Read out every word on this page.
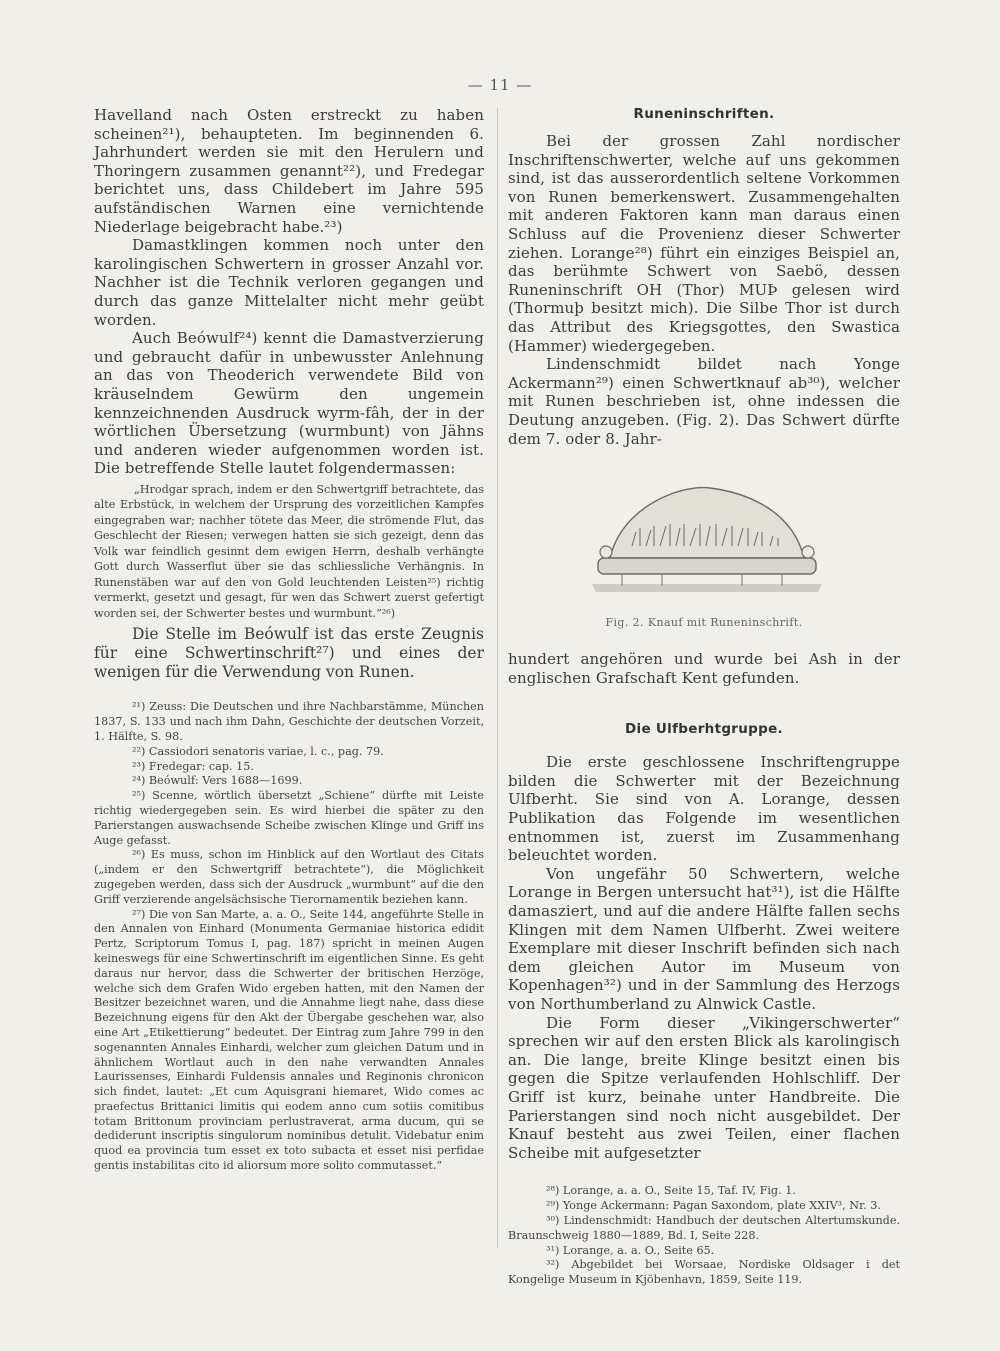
— 11 —

Havelland nach Osten erstreckt zu haben scheinen²¹), behaupteten. Im beginnenden 6. Jahrhundert werden sie mit den Herulern und Thoringern zusammen genannt²²), und Fredegar berichtet uns, dass Childebert im Jahre 595 aufständischen Warnen eine vernichtende Niederlage beigebracht habe.²³)

Damastklingen kommen noch unter den karolingischen Schwertern in grosser Anzahl vor. Nachher ist die Technik verloren gegangen und durch das ganze Mittelalter nicht mehr geübt worden.

Auch Beówulf²⁴) kennt die Damastverzierung und gebraucht dafür in unbewusster Anlehnung an das von Theoderich verwendete Bild von kräuselndem Gewürm den ungemein kennzeichnenden Ausdruck wyrm-fâh, der in der wörtlichen Übersetzung (wurmbunt) von Jähns und anderen wieder aufgenommen worden ist. Die betreffende Stelle lautet folgendermassen:

„Hrodgar sprach, indem er den Schwertgriff betrachtete, das alte Erbstück, in welchem der Ursprung des vorzeitlichen Kampfes eingegraben war; nachher tötete das Meer, die strömende Flut, das Geschlecht der Riesen; verwegen hatten sie sich gezeigt, denn das Volk war feindlich gesinnt dem ewigen Herrn, deshalb verhängte Gott durch Wasserflut über sie das schliessliche Verhängnis. In Runenstäben war auf den von Gold leuchtenden Leisten²⁵) richtig vermerkt, gesetzt und gesagt, für wen das Schwert zuerst gefertigt worden sei, der Schwerter bestes und wurmbunt.“²⁶)

Die Stelle im Beówulf ist das erste Zeugnis für eine Schwertinschrift²⁷) und eines der wenigen für die Verwendung von Runen.

²¹) Zeuss: Die Deutschen und ihre Nachbarstämme, München 1837, S. 133 und nach ihm Dahn, Geschichte der deutschen Vorzeit, 1. Hälfte, S. 98.

²²) Cassiodori senatoris variae, l. c., pag. 79.

²³) Fredegar: cap. 15.

²⁴) Beówulf: Vers 1688—1699.

²⁵) Scenne, wörtlich übersetzt „Schiene“ dürfte mit Leiste richtig wiedergegeben sein. Es wird hierbei die später zu den Parierstangen auswachsende Scheibe zwischen Klinge und Griff ins Auge gefasst.

²⁶) Es muss, schon im Hinblick auf den Wortlaut des Citats („indem er den Schwertgriff betrachtete“), die Möglichkeit zugegeben werden, dass sich der Ausdruck „wurmbunt“ auf die den Griff verzierende angelsächsische Tierornamentik beziehen kann.

²⁷) Die von San Marte, a. a. O., Seite 144, angeführte Stelle in den Annalen von Einhard (Monumenta Germaniae historica edidit Pertz, Scriptorum Tomus I, pag. 187) spricht in meinen Augen keineswegs für eine Schwertinschrift im eigentlichen Sinne. Es geht daraus nur hervor, dass die Schwerter der britischen Herzöge, welche sich dem Grafen Wido ergeben hatten, mit den Namen der Besitzer bezeichnet waren, und die Annahme liegt nahe, dass diese Bezeichnung eigens für den Akt der Übergabe geschehen war, also eine Art „Etikettierung“ bedeutet. Der Eintrag zum Jahre 799 in den sogenannten Annales Einhardi, welcher zum gleichen Datum und in ähnlichem Wortlaut auch in den nahe verwandten Annales Laurissenses, Einhardi Fuldensis annales und Reginonis chronicon sich findet, lautet: „Et cum Aquisgrani hiemaret, Wido comes ac praefectus Brittanici limitis qui eodem anno cum sotiis comitibus totam Brittonum provinciam perlustraverat, arma ducum, qui se dediderunt inscriptis singulorum nominibus detulit. Videbatur enim quod ea provincia tum esset ex toto subacta et esset nisi perfidae gentis instabilitas cito id aliorsum more solito commutasset.“

Runeninschriften.

Bei der grossen Zahl nordischer Inschriftenschwerter, welche auf uns gekommen sind, ist das ausserordentlich seltene Vorkommen von Runen bemerkenswert. Zusammengehalten mit anderen Faktoren kann man daraus einen Schluss auf die Provenienz dieser Schwerter ziehen. Lorange²⁸) führt ein einziges Beispiel an, das berühmte Schwert von Saebö, dessen Runeninschrift OH (Thor) MUÞ gelesen wird (Thormuþ besitzt mich). Die Silbe Thor ist durch das Attribut des Kriegsgottes, den Swastica (Hammer) wiedergegeben.

Lindenschmidt bildet nach Yonge Ackermann²⁹) einen Schwertknauf ab³⁰), welcher mit Runen beschrieben ist, ohne indessen die Deutung anzugeben. (Fig. 2). Das Schwert dürfte dem 7. oder 8. Jahr-

Fig. 2. Knauf mit Runeninschrift.

hundert angehören und wurde bei Ash in der englischen Grafschaft Kent gefunden.

Die Ulfberhtgruppe.

Die erste geschlossene Inschriftengruppe bilden die Schwerter mit der Bezeichnung Ulfberht. Sie sind von A. Lorange, dessen Publikation das Folgende im wesentlichen entnommen ist, zuerst im Zusammenhang beleuchtet worden.

Von ungefähr 50 Schwertern, welche Lorange in Bergen untersucht hat³¹), ist die Hälfte damasziert, und auf die andere Hälfte fallen sechs Klingen mit dem Namen Ulfberht. Zwei weitere Exemplare mit dieser Inschrift befinden sich nach dem gleichen Autor im Museum von Kopenhagen³²) und in der Sammlung des Herzogs von Northumberland zu Alnwick Castle.

Die Form dieser „Vikingerschwerter“ sprechen wir auf den ersten Blick als karolingisch an. Die lange, breite Klinge besitzt einen bis gegen die Spitze verlaufenden Hohlschliff. Der Griff ist kurz, beinahe unter Handbreite. Die Parierstangen sind noch nicht ausgebildet. Der Knauf besteht aus zwei Teilen, einer flachen Scheibe mit aufgesetzter

²⁸) Lorange, a. a. O., Seite 15, Taf. IV, Fig. 1.

²⁹) Yonge Ackermann: Pagan Saxondom, plate XXIV³, Nr. 3.

³⁰) Lindenschmidt: Handbuch der deutschen Altertumskunde. Braunschweig 1880—1889, Bd. I, Seite 228.

³¹) Lorange, a. a. O., Seite 65.

³²) Abgebildet bei Worsaae, Nordiske Oldsager i det Kongelige Museum in Kjöbenhavn, 1859, Seite 119.
